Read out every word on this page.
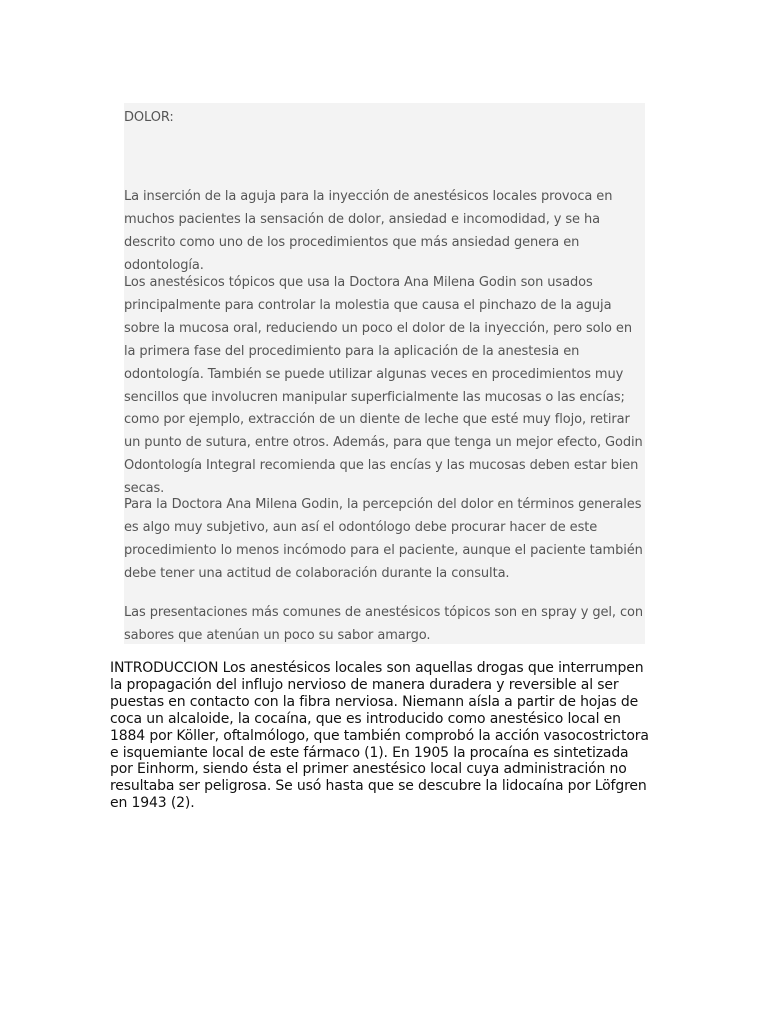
DOLOR:

La inserción de la aguja para la inyección de anestésicos locales provoca en muchos pacientes la sensación de dolor, ansiedad e incomodidad, y se ha descrito como uno de los procedimientos que más ansiedad genera en odontología.

Los anestésicos tópicos que usa la Doctora Ana Milena Godin son usados principalmente para controlar la molestia que causa el pinchazo de la aguja sobre la mucosa oral, reduciendo un poco el dolor de la inyección, pero solo en la primera fase del procedimiento para la aplicación de la anestesia en odontología. También se puede utilizar algunas veces en procedimientos muy sencillos que involucren manipular superficialmente las mucosas o las encías; como por ejemplo, extracción de un diente de leche que esté muy flojo, retirar un punto de sutura, entre otros. Además, para que tenga un mejor efecto, Godin Odontología Integral recomienda que las encías y las mucosas deben estar bien secas.

Para la Doctora Ana Milena Godin, la percepción del dolor en términos generales es algo muy subjetivo, aun así el odontólogo debe procurar hacer de este procedimiento lo menos incómodo para el paciente, aunque el paciente también debe tener una actitud de colaboración durante la consulta.

Las presentaciones más comunes de anestésicos tópicos son en spray y gel, con sabores que atenúan un poco su sabor amargo.

INTRODUCCION Los anestésicos locales son aquellas drogas que interrumpen la propagación del influjo nervioso de manera duradera y reversible al ser puestas en contacto con la fibra nerviosa. Niemann aísla a partir de hojas de coca un alcaloide, la cocaína, que es introducido como anestésico local en 1884 por Köller, oftalmólogo, que también comprobó la acción vasocostrictora e isquemiante local de este fármaco (1). En 1905 la procaína es sintetizada por Einhorm, siendo ésta el primer anestésico local cuya administración no resultaba ser peligrosa. Se usó hasta que se descubre la lidocaína por Löfgren en 1943 (2).
